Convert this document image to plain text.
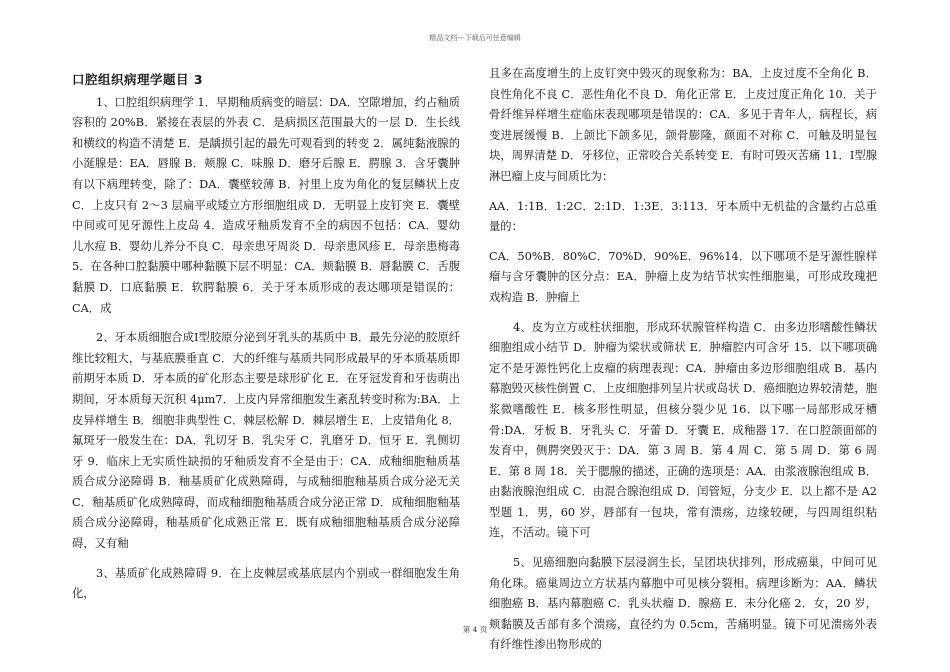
精品文档---下载后可任意编辑
口腔组织病理学题目 3

1、口腔组织病理学 1．早期釉质病变的暗层：DA．空隙增加，约占釉质容积的 20%B．紧接在表层的外表 C．是病损区范围最大的一层 D．生长线和横纹的构造不清楚 E．是龋损引起的最先可观看到的转变 2．属纯黏液腺的小涎腺是：EA．唇腺 B．颊腺 C．味腺 D．磨牙后腺 E．腭腺 3．含牙囊肿有以下病理转变，除了：DA．囊壁较薄 B．衬里上皮为角化的复层鳞状上皮 C．上皮只有 2～3 层扁平或矮立方形细胞组成 D．无明显上皮钉突 E．囊壁中间或可见牙源性上皮岛 4．造成牙釉质发育不全的病因不包括：CA．婴幼儿水痘 B．婴幼儿养分不良 C．母亲患牙周炎 D．母亲患风疹 E．母亲患梅毒 5．在各种口腔黏膜中哪种黏膜下层不明显：CA．颊黏膜 B．唇黏膜 C．舌腹黏膜 D．口底黏膜 E．软腭黏膜 6．关于牙本质形成的表达哪项是错误的：CA．成

2、牙本质细胞合成Ⅰ型胶原分泌到牙乳头的基质中 B．最先分泌的胶原纤维比较粗大，与基底膜垂直 C．大的纤维与基质共同形成最早的牙本质基质即前期牙本质 D．牙本质的矿化形态主要是球形矿化 E．在牙冠发育和牙齿萌出期间，牙本质每天沉积 4μm7．上皮内异常细胞发生紊乱转变时称为:BA．上皮异样增生 B．细胞非典型性 C．棘层松解 D．棘层增生 E．上皮错角化 8．氟斑牙一般发生在：DA．乳切牙 B．乳尖牙 C．乳磨牙 D．恒牙 E．乳侧切牙 9．临床上无实质性缺损的牙釉质发育不全是由于：CA．成釉细胞釉质基质合成分泌障碍 B．釉基质矿化成熟障碍，与成釉细胞釉基质合成分泌无关 C．釉基质矿化成熟障碍，而成釉细胞釉基质合成分泌正常 D．成釉细胞釉基质合成分泌障碍，釉基质矿化成熟正常 E．既有成釉细胞釉基质合成分泌障碍，又有釉

3、基质矿化成熟障碍 9．在上皮棘层或基底层内个别或一群细胞发生角化，

且多在高度增生的上皮钉突中毁灭的现象称为：BA．上皮过度不全角化 B．良性角化不良 C．恶性角化不良 D．角化正常 E．上皮过度正角化 10．关于骨纤维异样增生症临床表现哪项是错误的：CA．多见于青年人，病程长，病变进展缓慢 B．上颌比下颌多见，颌骨膨隆，颜面不对称 C．可触及明显包块，周界清楚 D．牙移位，正常咬合关系转变 E．有时可毁灭苦痛 11．Ⅰ型腺淋巴瘤上皮与间质比为：

AA．1:1B．1:2C．2:1D．1:3E．3:113．牙本质中无机盐的含量约占总重量的：

CA．50%B．80%C．70%D．90%E．96%14．以下哪项不是牙源性腺样瘤与含牙囊肿的区分点：EA．肿瘤上皮为结节状实性细胞巢，可形成玫瑰把戏构造 B．肿瘤上

4、皮为立方或柱状细胞，形成环状腺管样构造 C．由多边形嗜酸性鳞状细胞组成小结节 D．肿瘤为梁状或筛状 E．肿瘤腔内可含牙 15．以下哪项确定不是牙源性钙化上皮瘤的病理表现：CA．肿瘤由多边形细胞组成 B．基内幕胞毁灭核性倒置 C．上皮细胞排列呈片状或岛状 D．癌细胞边界较清楚，胞浆微嗜酸性 E．核多形性明显，但核分裂少见 16．以下哪一局部形成牙槽骨:DA．牙板 B．牙乳头 C．牙蕾 D．牙囊 E．成釉器 17．在口腔颌面部的发育中，侧腭突毁灭于：DA．第 3 周 B．第 4 周 C．第 5 周 D．第 6 周 E．第 8 周 18．关于腮腺的描述，正确的选项是：AA．由浆液腺泡组成 B．由黏液腺泡组成 C．由混合腺泡组成 D．闰管短，分支少 E．以上都不是 A2 型题 1．男，60 岁，唇部有一包块，常有溃疡，边缘较硬，与四周组织粘连，不活动。镜下可

5、见癌细胞向黏膜下层浸润生长，呈团块状排列，形成癌巢，中间可见角化珠。癌巢周边立方状基内幕胞中可见核分裂相。病理诊断为：AA．鳞状细胞癌 B．基内幕胞癌 C．乳头状瘤 D．腺癌 E．未分化癌 2．女，20 岁，颊黏膜及舌部有多个溃疡，直径约为 0.5cm，苦痛明显。镜下可见溃疡外表有纤维性渗出物形成的

第 4 页
